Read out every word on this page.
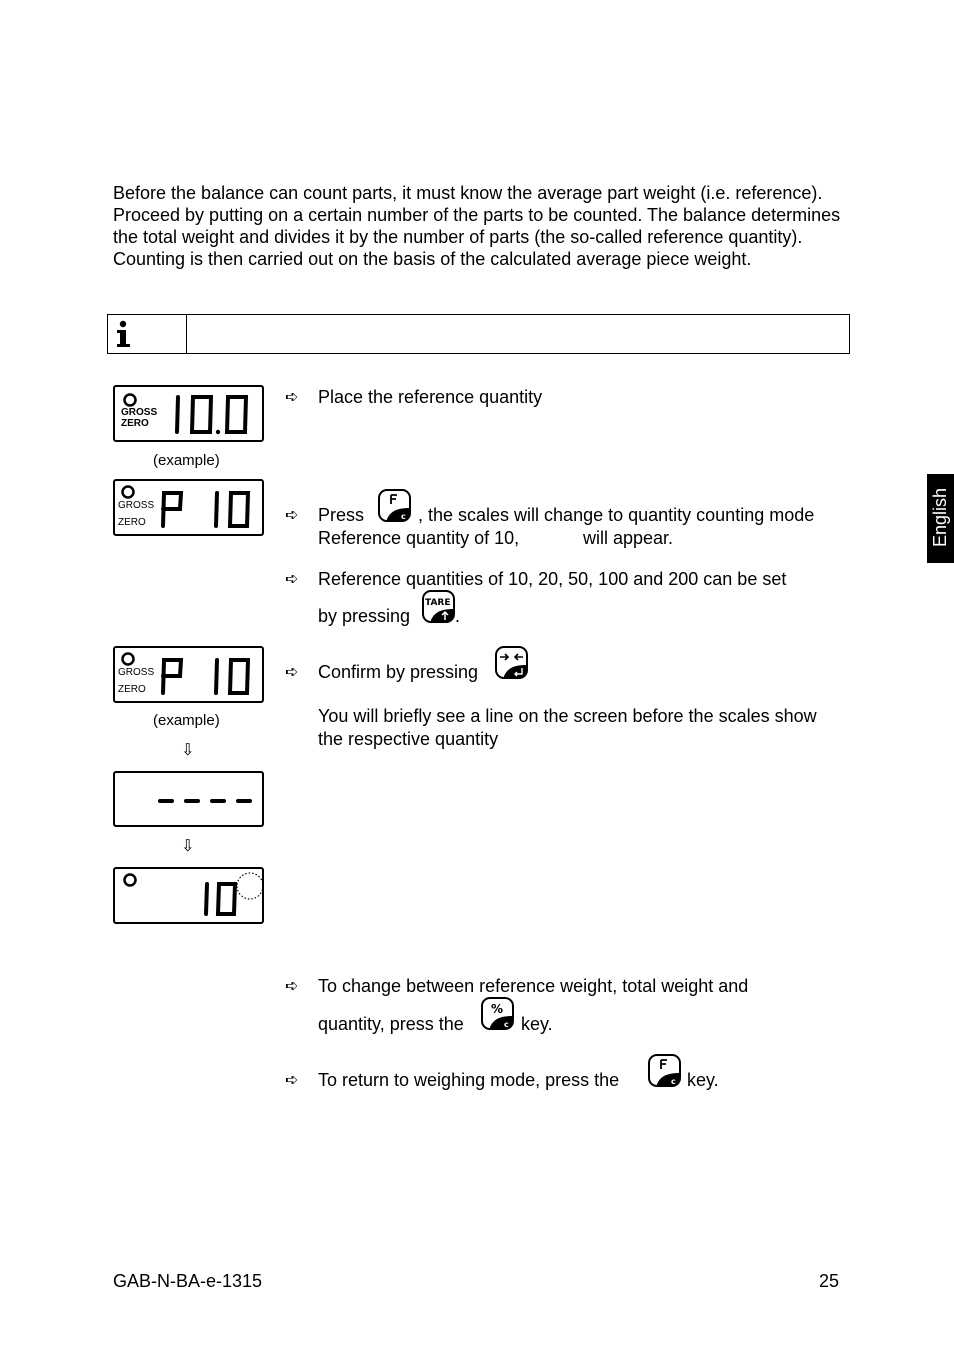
Before the balance can count parts, it must know the average part weight (i.e. reference). Proceed by putting on a certain number of the parts to be counted. The balance determines the total weight and divides it by the number of parts (the so-called reference quantity). Counting is then carried out on the basis of the calculated average piece weight.
GROSS
ZERO
(example)
GROSS
ZERO
GROSS
ZERO
(example)
⇩
⇩
➪ Place the reference quantity
➪ Press	c , the scales will change to quantity counting mode
Reference quantity of 10,	will appear.
➪ Reference quantities of 10, 20, 50, 100 and 200 can be set
by pressing
TARE
.
➪ Confirm by pressing
You will briefly see a line on the screen before the scales show the respective quantity
➪ To change between reference weight, total weight and
quantity, press the
%
c key.
➪ To return to weighing mode, press the	c key.
English
GAB-N-BA-e-1315	25
